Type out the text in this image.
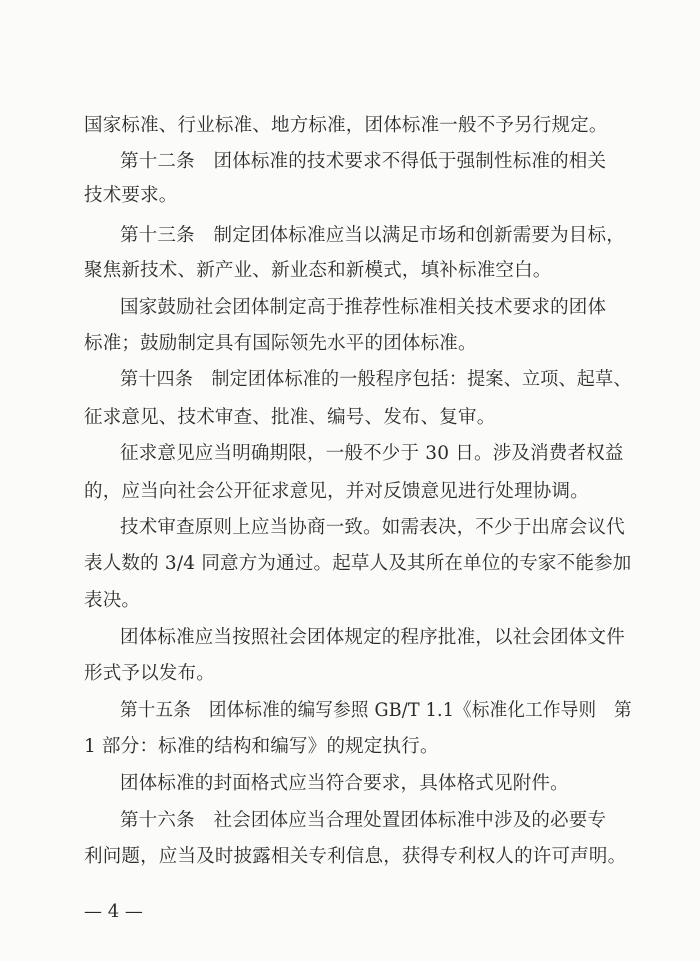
国家标准、行业标准、地方标准，团体标准一般不予另行规定。
第十二条　团体标准的技术要求不得低于强制性标准的相关
技术要求。
第十三条　制定团体标准应当以满足市场和创新需要为目标，
聚焦新技术、新产业、新业态和新模式，填补标准空白。
国家鼓励社会团体制定高于推荐性标准相关技术要求的团体
标准；鼓励制定具有国际领先水平的团体标准。
第十四条　制定团体标准的一般程序包括：提案、立项、起草、
征求意见、技术审查、批准、编号、发布、复审。
征求意见应当明确期限，一般不少于 30 日。涉及消费者权益
的，应当向社会公开征求意见，并对反馈意见进行处理协调。
技术审查原则上应当协商一致。如需表决，不少于出席会议代
表人数的 3/4 同意方为通过。起草人及其所在单位的专家不能参加
表决。
团体标准应当按照社会团体规定的程序批准，以社会团体文件
形式予以发布。
第十五条　团体标准的编写参照 GB/T 1.1《标准化工作导则　第
1 部分：标准的结构和编写》的规定执行。
团体标准的封面格式应当符合要求，具体格式见附件。
第十六条　社会团体应当合理处置团体标准中涉及的必要专
利问题，应当及时披露相关专利信息，获得专利权人的许可声明。
— 4 —
